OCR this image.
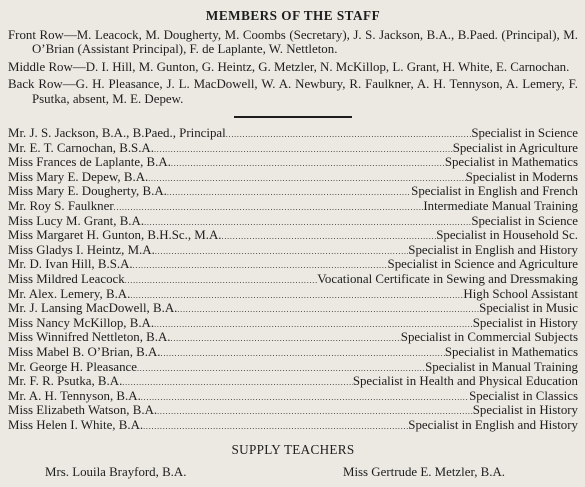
MEMBERS OF THE STAFF

Front Row—M. Leacock, M. Dougherty, M. Coombs (Secretary), J. S. Jackson, B.A., B.Paed. (Principal), M. O’Brian (Assistant Principal), F. de Laplante, W. Nettleton.

Middle Row—D. I. Hill, M. Gunton, G. Heintz, G. Metzler, N. McKillop, L. Grant, H. White, E. Carnochan.

Back Row—G. H. Pleasance, J. L. MacDowell, W. A. Newbury, R. Faulkner, A. H. Tennyson, A. Lemery, F. Psutka, absent, M. E. Depew.

Mr. J. S. Jackson, B.A., B.Paed., Principal .....	Specialist in Science
Mr. E. T. Carnochan, B.S.A. .....	Specialist in Agriculture
Miss Frances de Laplante, B.A. .....	Specialist in Mathematics
Miss Mary E. Depew, B.A. .....	Specialist in Moderns
Miss Mary E. Dougherty, B.A. .....	Specialist in English and French
Mr. Roy S. Faulkner .....	Intermediate Manual Training
Miss Lucy M. Grant, B.A. .....	Specialist in Science
Miss Margaret H. Gunton, B.H.Sc., M.A. .....	Specialist in Household Sc.
Miss Gladys I. Heintz, M.A. .....	Specialist in English and History
Mr. D. Ivan Hill, B.S.A. .....	Specialist in Science and Agriculture
Miss Mildred Leacock .....	Vocational Certificate in Sewing and Dressmaking
Mr. Alex. Lemery, B.A. .....	High School Assistant
Mr. J. Lansing MacDowell, B.A. .....	Specialist in Music
Miss Nancy McKillop, B.A. .....	Specialist in History
Miss Winnifred Nettleton, B.A. .....	Specialist in Commercial Subjects
Miss Mabel B. O’Brian, B.A. .....	Specialist in Mathematics
Mr. George H. Pleasance .....	Specialist in Manual Training
Mr. F. R. Psutka, B.A. .....	Specialist in Health and Physical Education
Mr. A. H. Tennyson, B.A. .....	Specialist in Classics
Miss Elizabeth Watson, B.A. .....	Specialist in History
Miss Helen I. White, B.A. .....	Specialist in English and History
SUPPLY TEACHERS
Mrs. Louila Brayford, B.A.	Miss Gertrude E. Metzler, B.A.
